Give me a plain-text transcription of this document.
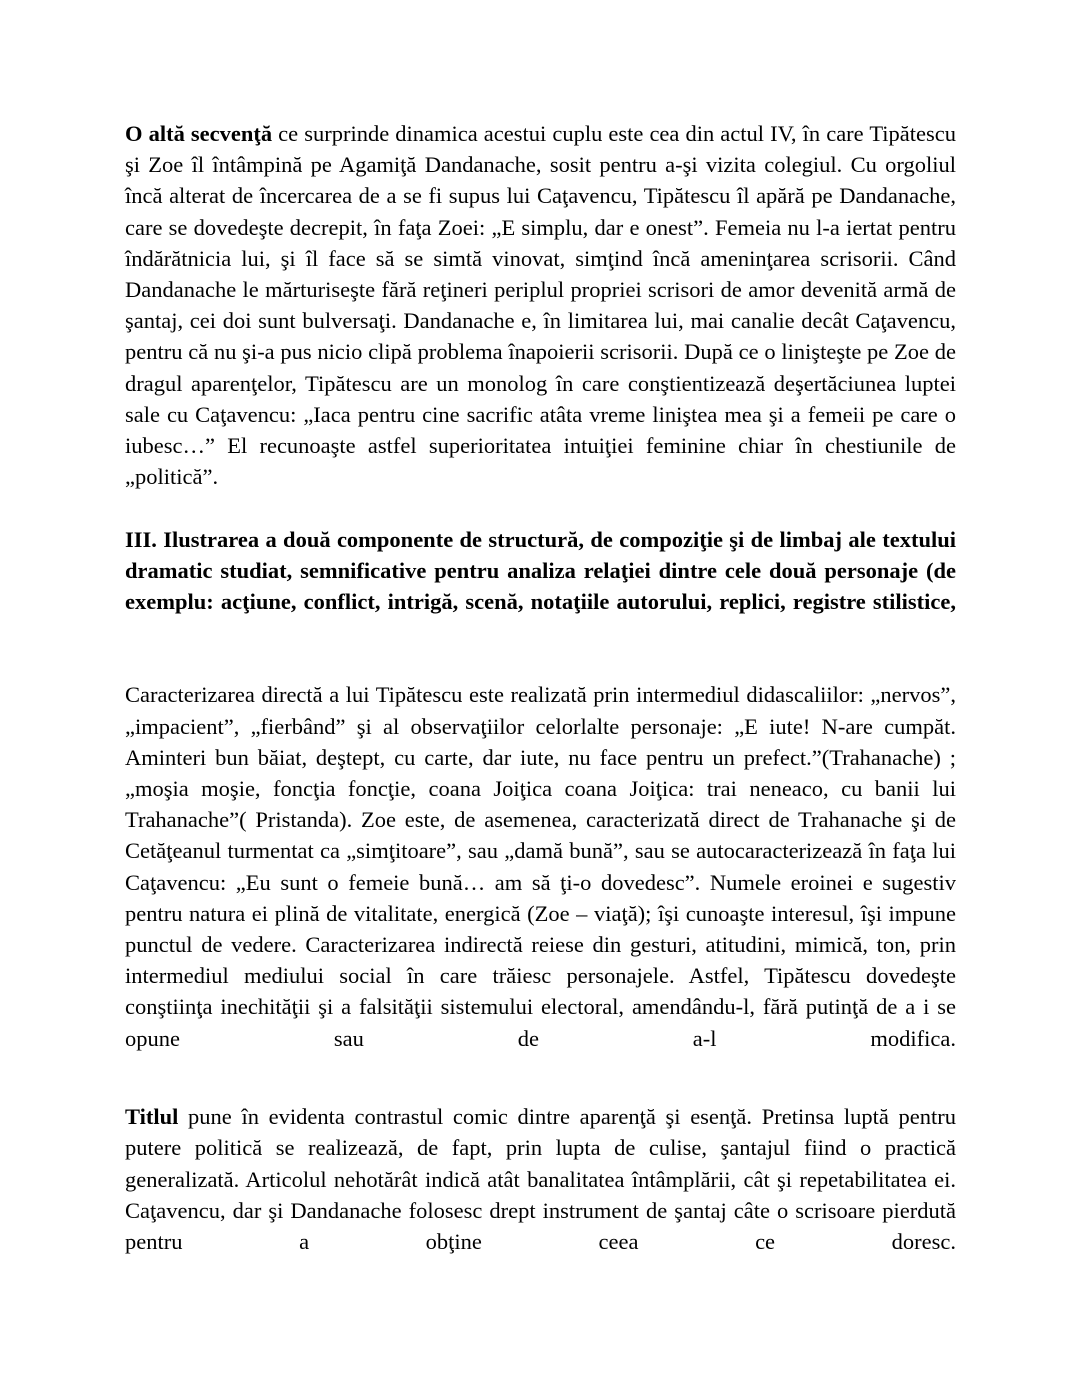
O altă secvenţă ce surprinde dinamica acestui cuplu este cea din actul IV, în care Tipătescu şi Zoe îl întâmpină pe Agamiţă Dandanache, sosit pentru a-şi vizita colegiul. Cu orgoliul încă alterat de încercarea de a se fi supus lui Caţavencu, Tipătescu îl apără pe Dandanache, care se dovedeşte decrepit, în faţa Zoei: „E simplu, dar e onest”. Femeia nu l-a iertat pentru îndărătnicia lui, şi îl face să se simtă vinovat, simţind încă ameninţarea scrisorii. Când Dandanache le mărturiseşte fără reţineri periplul propriei scrisori de amor devenită armă de şantaj, cei doi sunt bulversaţi. Dandanache e, în limitarea lui, mai canalie decât Caţavencu, pentru că nu şi-a pus nicio clipă problema înapoierii scrisorii. După ce o linişteşte pe Zoe de dragul aparenţelor, Tipătescu are un monolog în care conştientizează deşertăciunea luptei sale cu Caţavencu: „Iaca pentru cine sacrific atâta vreme liniştea mea şi a femeii pe care o iubesc…” El recunoaşte astfel superioritatea intuiţiei feminine chiar în chestiunile de „politică”.

III. Ilustrarea a două componente de structură, de compoziţie şi de limbaj ale textului dramatic studiat, semnificative pentru analiza relaţiei dintre cele două personaje (de exemplu: acţiune, conflict, intrigă, scenă, notaţiile autorului, replici, registre stilistice,

Caracterizarea directă a lui Tipătescu este realizată prin intermediul didascaliilor: „nervos”, „impacient”, „fierbând” şi al observaţiilor celorlalte personaje: „E iute! N-are cumpăt. Aminteri bun băiat, deştept, cu carte, dar iute, nu face pentru un prefect.”(Trahanache) ; „moşia moşie, foncţia foncţie, coana Joiţica coana Joiţica: trai neneaco, cu banii lui Trahanache”( Pristanda). Zoe este, de asemenea, caracterizată direct de Trahanache şi de Cetăţeanul turmentat ca „simţitoare”, sau „damă bună”, sau se autocaracterizează în faţa lui Caţavencu: „Eu sunt o femeie bună… am să ţi-o dovedesc”. Numele eroinei e sugestiv pentru natura ei plină de vitalitate, energică (Zoe – viaţă); îşi cunoaşte interesul, îşi impune punctul de vedere. Caracterizarea indirectă reiese din gesturi, atitudini, mimică, ton, prin intermediul mediului social în care trăiesc personajele. Astfel, Tipătescu dovedeşte conştiinţa inechităţii şi a falsităţii sistemului electoral, amendându-l, fără putinţă de a i se opune sau de a-l modifica.

Titlul pune în evidenta contrastul comic dintre aparenţă şi esenţă. Pretinsa luptă pentru putere politică se realizează, de fapt, prin lupta de culise, şantajul fiind o practică generalizată. Articolul nehotărât indică atât banalitatea întâmplării, cât şi repetabilitatea ei. Caţavencu, dar şi Dandanache folosesc drept instrument de şantaj câte o scrisoare pierdută pentru a obţine ceea ce doresc.
